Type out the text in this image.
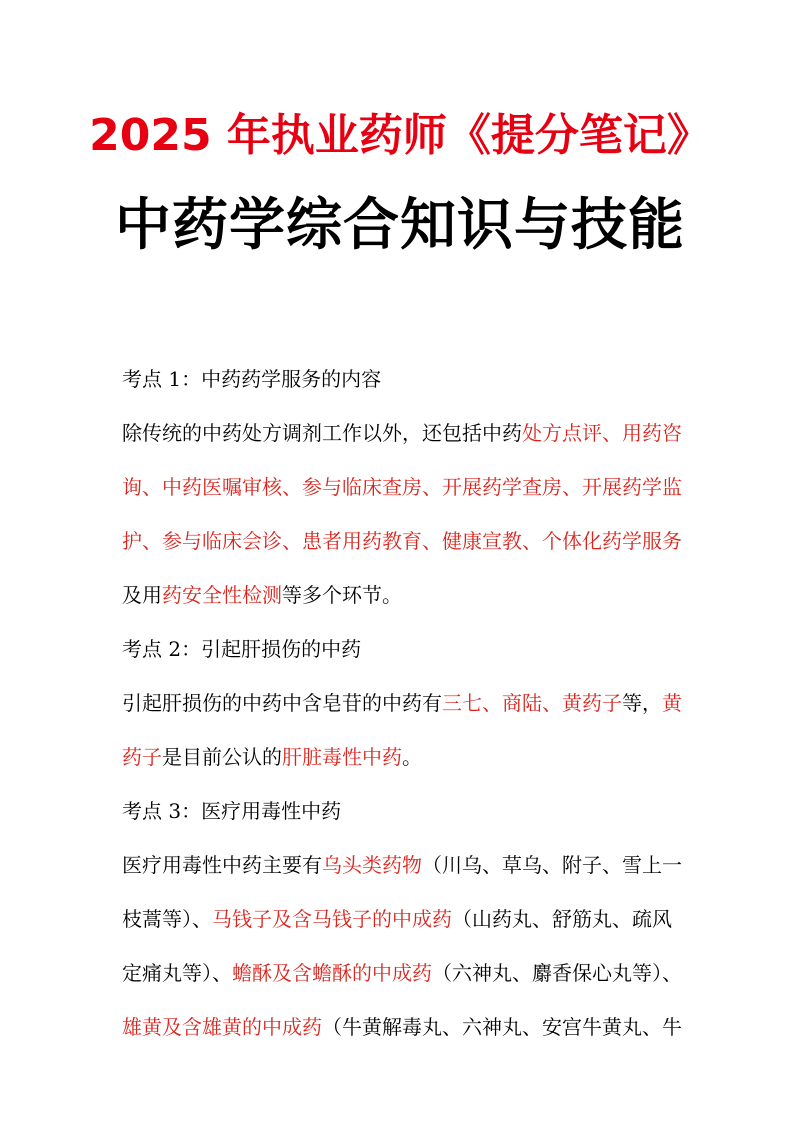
2025 年执业药师《提分笔记》
中药学综合知识与技能
考点 1：中药药学服务的内容
除传统的中药处方调剂工作以外，还包括中药处方点评、用药咨
询、中药医嘱审核、参与临床查房、开展药学查房、开展药学监
护、参与临床会诊、患者用药教育、健康宣教、个体化药学服务
及用药安全性检测等多个环节。
考点 2：引起肝损伤的中药
引起肝损伤的中药中含皂苷的中药有三七、商陆、黄药子等，黄
药子是目前公认的肝脏毒性中药。
考点 3：医疗用毒性中药
医疗用毒性中药主要有乌头类药物（川乌、草乌、附子、雪上一
枝蒿等）、马钱子及含马钱子的中成药（山药丸、舒筋丸、疏风
定痛丸等）、蟾酥及含蟾酥的中成药（六神丸、麝香保心丸等）、
雄黄及含雄黄的中成药（牛黄解毒丸、六神丸、安宫牛黄丸、牛
